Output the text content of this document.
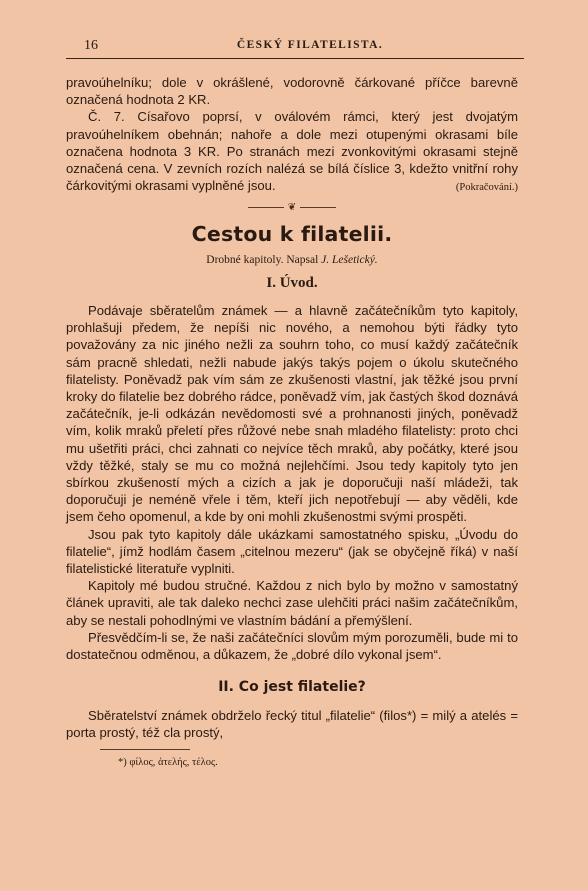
16	ČESKÝ FILATELISTA.

pravoúhelníku; dole v okrášlené, vodorovně čárkované příčce barevně označená hodnota 2 KR.

Č. 7. Císařovo poprsí, v oválovém rámci, který jest dvojatým pravoúhelníkem obehnán; nahoře a dole mezi otupenými okrasami bíle označena hodnota 3 KR. Po stranách mezi zvonkovitými okrasami stejně označená cena. V zevních rozích nalézá se bílá číslice 3, kdežto vnitřní rohy čárkovitými okrasami vyplněné jsou.	(Pokračování.)

❦
Cestou k filatelii.
Drobné kapitoly. Napsal J. Lešetický.
I. Úvod.

Podávaje sběratelům známek — a hlavně začátečníkům tyto kapitoly, prohlašuji předem, že nepíši nic nového, a nemohou býti řádky tyto považovány za nic jiného nežli za souhrn toho, co musí každý začátečník sám pracně shledati, nežli nabude jakýs takýs pojem o úkolu skutečného filatelisty. Poněvadž pak vím sám ze zkušenosti vlastní, jak těžké jsou první kroky do filatelie bez dobrého rádce, poněvadž vím, jak častých škod doznává začátečník, je-li odkázán nevědomosti své a prohnanosti jiných, poněvadž vím, kolik mraků přeletí přes růžové nebe snah mladého filatelisty: proto chci mu ušetřiti práci, chci zahnati co nejvíce těch mraků, aby počátky, které jsou vždy těžké, staly se mu co možná nejlehčími. Jsou tedy kapitoly tyto jen sbírkou zkušeností mých a cizích a jak je doporučuji naší mládeži, tak doporučuji je neméně vřele i těm, kteří jich nepotřebují — aby věděli, kde jsem čeho opomenul, a kde by oni mohli zkušenostmi svými prospěti.

Jsou pak tyto kapitoly dále ukázkami samostatného spisku, „Úvodu do filatelie“, jímž hodlám časem „citelnou mezeru“ (jak se obyčejně říká) v naší filatelistické literatuře vyplniti.

Kapitoly mé budou stručné. Každou z nich bylo by možno v samostatný článek upraviti, ale tak daleko nechci zase ulehčiti práci našim začátečníkům, aby se nestali pohodlnými ve vlastním bádání a přemýšlení.

Přesvědčím-li se, že naši začátečníci slovům mým porozuměli, bude mi to dostatečnou odměnou, a důkazem, že „dobré dílo vykonal jsem“.

II. Co jest filatelie?

Sběratelství známek obdrželo řecký titul „filatelie“ (filos*) = milý a atelés = porta prostý, též cla prostý,

*) φίλος, ἀτελής, τέλος.
